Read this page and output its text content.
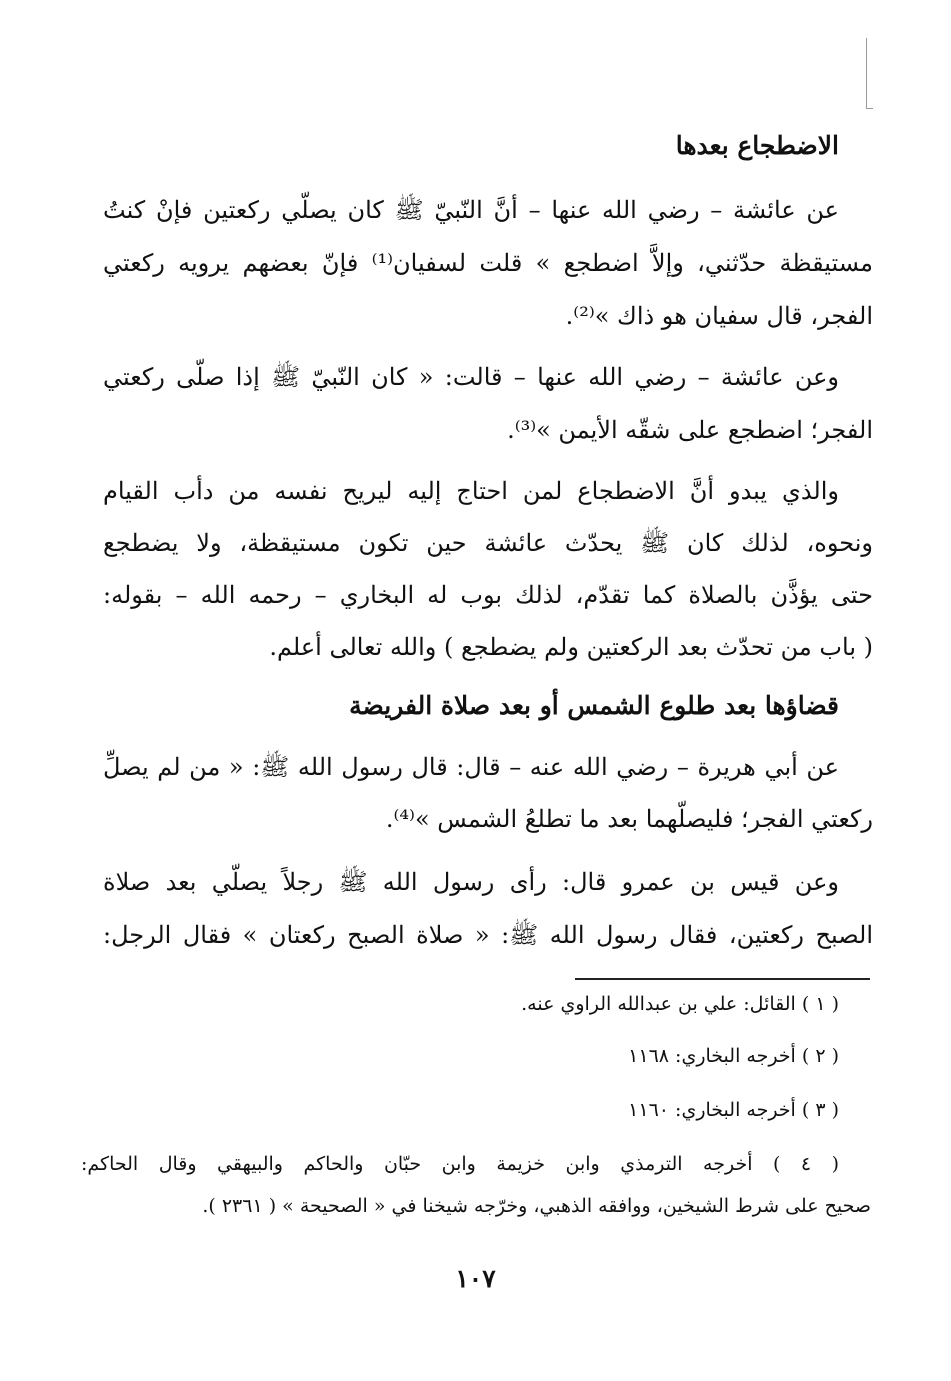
الاضطجاع بعدها
عن عائشة – رضي الله عنها – أنَّ النّبيّ ﷺ كان يصلّي ركعتين فإنْ كنتُ
مستيقظة حدّثني، وإلاَّ اضطجع » قلت لسفيان⁽¹⁾ فإنّ بعضهم يرويه ركعتي
الفجر، قال سفيان هو ذاك »⁽²⁾.
وعن عائشة – رضي الله عنها – قالت: « كان النّبيّ ﷺ إذا صلّى ركعتي
الفجر؛ اضطجع على شقّه الأيمن »⁽³⁾.
والذي يبدو أنَّ الاضطجاع لمن احتاج إليه ليريح نفسه من دأب القيام
ونحوه، لذلك كان ﷺ يحدّث عائشة حين تكون مستيقظة، ولا يضطجع
حتى يؤذَّن بالصلاة كما تقدّم، لذلك بوب له البخاري – رحمه الله – بقوله:
( باب من تحدّث بعد الركعتين ولم يضطجع ) والله تعالى أعلم.
قضاؤها بعد طلوع الشمس أو بعد صلاة الفريضة
عن أبي هريرة – رضي الله عنه – قال: قال رسول الله ﷺ: « من لم يصلِّ
ركعتي الفجر؛ فليصلّهما بعد ما تطلعُ الشمس »⁽⁴⁾.
وعن قيس بن عمرو قال: رأى رسول الله ﷺ رجلاً يصلّي بعد صلاة
الصبح ركعتين، فقال رسول الله ﷺ: « صلاة الصبح ركعتان » فقال الرجل:
( ١ ) القائل: علي بن عبدالله الراوي عنه.
( ٢ ) أخرجه البخاري: ١١٦٨
( ٣ ) أخرجه البخاري: ١١٦٠
( ٤ ) أخرجه الترمذي وابن خزيمة وابن حبّان والحاكم والبيهقي وقال الحاكم:
صحيح على شرط الشيخين، ووافقه الذهبي، وخرّجه شيخنا في « الصحيحة » ( ٢٣٦١ ).
١٠٧
